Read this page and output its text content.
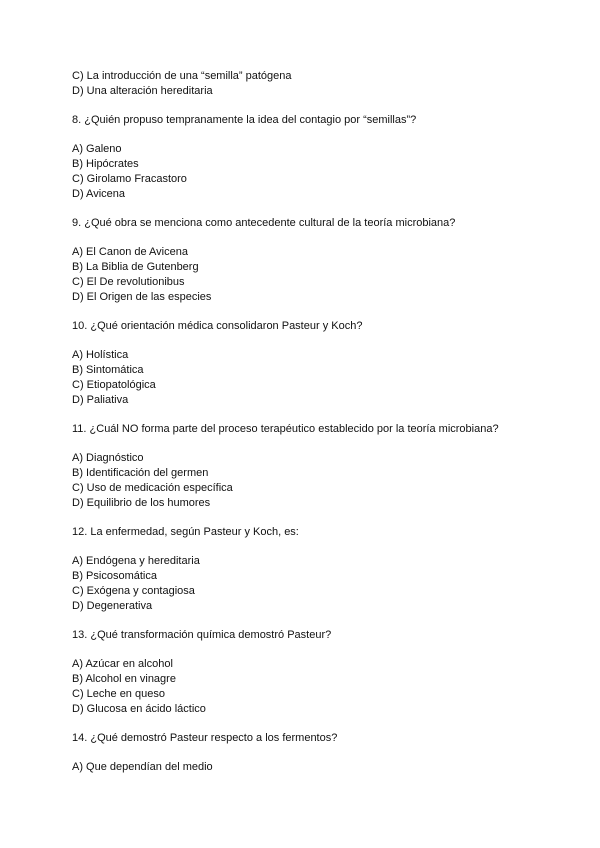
C) La introducción de una “semilla” patógena
D) Una alteración hereditaria
8. ¿Quién propuso tempranamente la idea del contagio por “semillas”?
A) Galeno
B) Hipócrates
C) Girolamo Fracastoro
D) Avicena
9. ¿Qué obra se menciona como antecedente cultural de la teoría microbiana?
A) El Canon de Avicena
B) La Biblia de Gutenberg
C) El De revolutionibus
D) El Origen de las especies
10. ¿Qué orientación médica consolidaron Pasteur y Koch?
A) Holística
B) Sintomática
C) Etiopatológica
D) Paliativa
11. ¿Cuál NO forma parte del proceso terapéutico establecido por la teoría microbiana?
A) Diagnóstico
B) Identificación del germen
C) Uso de medicación específica
D) Equilibrio de los humores
12. La enfermedad, según Pasteur y Koch, es:
A) Endógena y hereditaria
B) Psicosomática
C) Exógena y contagiosa
D) Degenerativa
13. ¿Qué transformación química demostró Pasteur?
A) Azúcar en alcohol
B) Alcohol en vinagre
C) Leche en queso
D) Glucosa en ácido láctico
14. ¿Qué demostró Pasteur respecto a los fermentos?
A) Que dependían del medio
